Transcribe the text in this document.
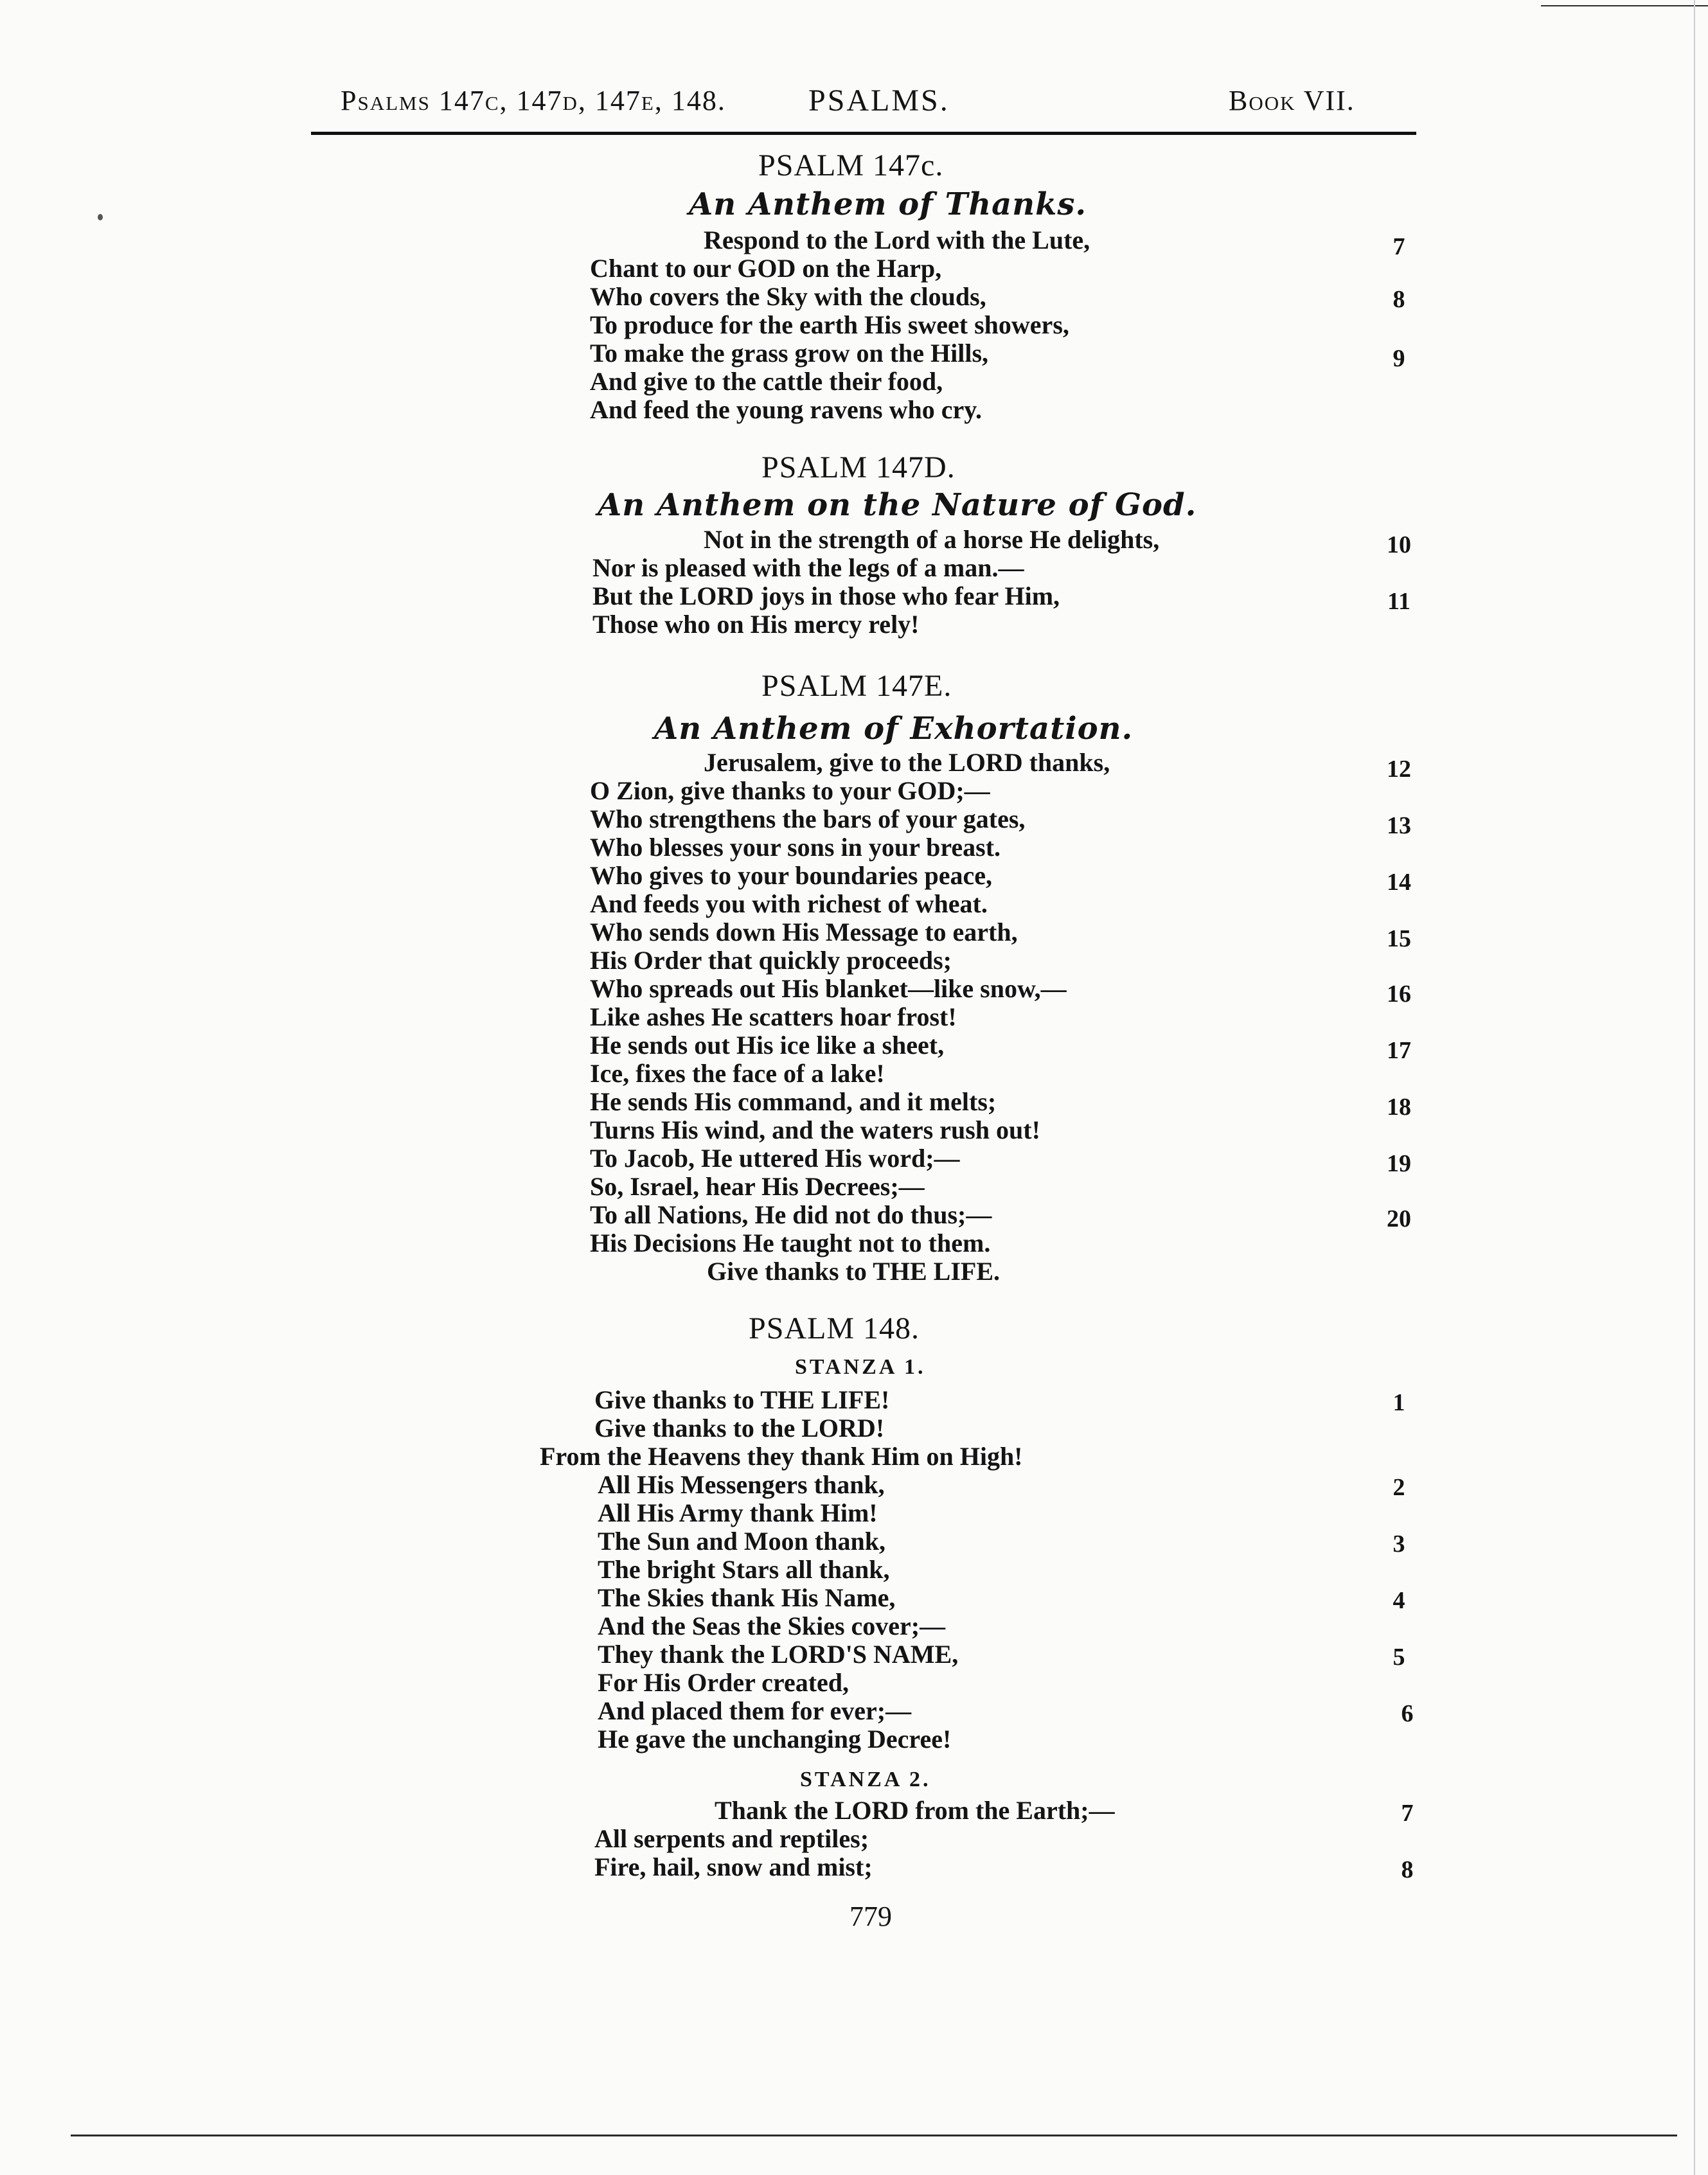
Psalms 147c, 147d, 147e, 148.	PSALMS.	Book VII.
PSALM 147c.
An Anthem of Thanks.
Respond to the Lord with the Lute,	7
Chant to our GOD on the Harp,
Who covers the Sky with the clouds,	8
To produce for the earth His sweet showers,
To make the grass grow on the Hills,	9
And give to the cattle their food,
And feed the young ravens who cry.
PSALM 147D.
An Anthem on the Nature of God.
Not in the strength of a horse He delights,	10
Nor is pleased with the legs of a man.—
But the LORD joys in those who fear Him,	11
Those who on His mercy rely!
PSALM 147E.
An Anthem of Exhortation.
Jerusalem, give to the LORD thanks,	12
O Zion, give thanks to your GOD;—
Who strengthens the bars of your gates,	13
Who blesses your sons in your breast.
Who gives to your boundaries peace,	14
And feeds you with richest of wheat.
Who sends down His Message to earth,	15
His Order that quickly proceeds;
Who spreads out His blanket—like snow,—	16
Like ashes He scatters hoar frost!
He sends out His ice like a sheet,	17
Ice, fixes the face of a lake!
He sends His command, and it melts;	18
Turns His wind, and the waters rush out!
To Jacob, He uttered His word;—	19
So, Israel, hear His Decrees;—
To all Nations, He did not do thus;—	20
His Decisions He taught not to them.
Give thanks to THE LIFE.
PSALM 148.
STANZA 1.
Give thanks to THE LIFE!	1
Give thanks to the LORD!
From the Heavens they thank Him on High!
All His Messengers thank,	2
All His Army thank Him!
The Sun and Moon thank,	3
The bright Stars all thank,
The Skies thank His Name,	4
And the Seas the Skies cover;—
They thank the LORD'S NAME,	5
For His Order created,
And placed them for ever;—	6
He gave the unchanging Decree!
STANZA 2.
Thank the LORD from the Earth;—	7
All serpents and reptiles;
Fire, hail, snow and mist;	8
779
